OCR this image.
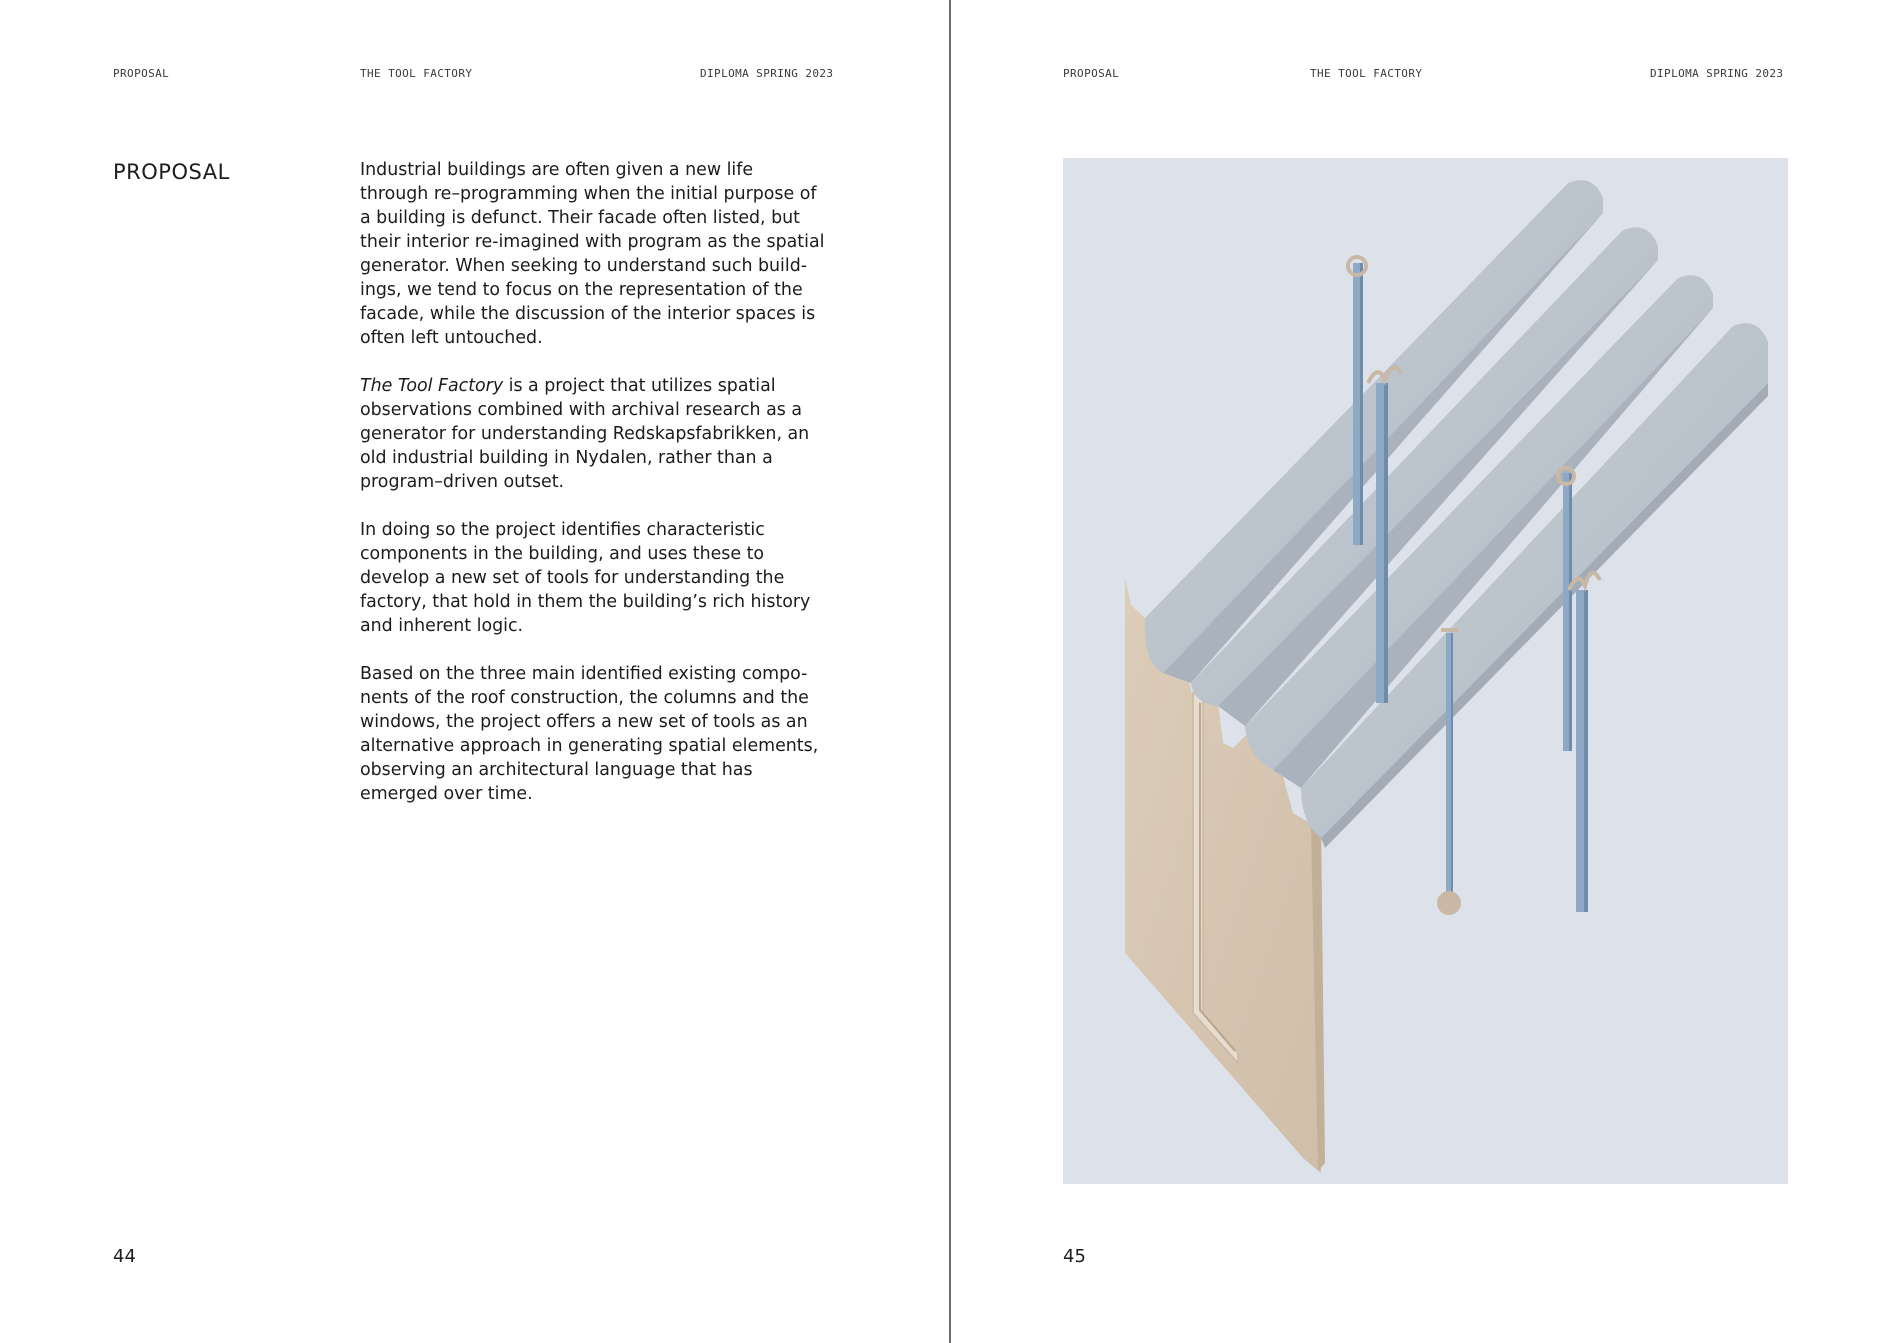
PROPOSAL	THE TOOL FACTORY	DIPLOMA SPRING 2023
PROPOSAL	Industrial buildings are often given a new life
through re–programming when the initial purpose of
a building is defunct. Their facade often listed, but
their interior re-imagined with program as the spatial
generator. When seeking to understand such build-
ings, we tend to focus on the representation of the
facade, while the discussion of the interior spaces is
often left untouched.

The Tool Factory is a project that utilizes spatial
observations combined with archival research as a
generator for understanding Redskapsfabrikken, an
old industrial building in Nydalen, rather than a
program–driven outset.

In doing so the project identifies characteristic
components in the building, and uses these to
develop a new set of tools for understanding the
factory, that hold in them the building’s rich history
and inherent logic.

Based on the three main identified existing compo-
nents of the roof construction, the columns and the
windows, the project offers a new set of tools as an
alternative approach in generating spatial elements,
observing an architectural language that has
emerged over time.

44
PROPOSAL	THE TOOL FACTORY	DIPLOMA SPRING 2023
45
